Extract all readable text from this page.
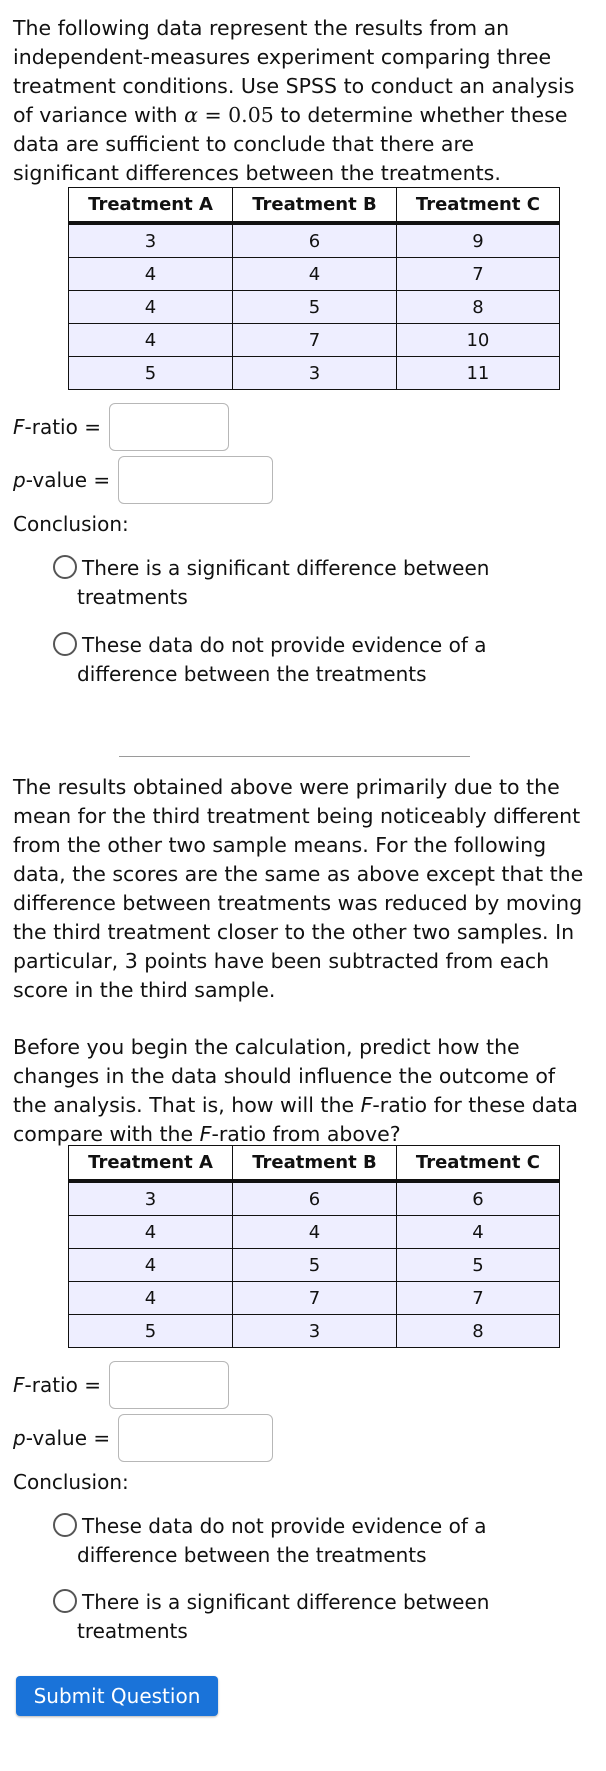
The following data represent the results from an
independent-measures experiment comparing three
treatment conditions. Use SPSS to conduct an analysis
of variance with α = 0.05 to determine whether these
data are sufficient to conclude that there are
significant differences between the treatments.

Treatment A	Treatment B	Treatment C
3	6	9
4	4	7
4	5	8
4	7	10
5	3	11
F-ratio =
p-value =
Conclusion:
There is a significant difference between
treatments
These data do not provide evidence of a
difference between the treatments

The results obtained above were primarily due to the
mean for the third treatment being noticeably different
from the other two sample means. For the following
data, the scores are the same as above except that the
difference between treatments was reduced by moving
the third treatment closer to the other two samples. In
particular, 3 points have been subtracted from each
score in the third sample.

Before you begin the calculation, predict how the
changes in the data should influence the outcome of
the analysis. That is, how will the F-ratio for these data
compare with the F-ratio from above?

Treatment A	Treatment B	Treatment C
3	6	6
4	4	4
4	5	5
4	7	7
5	3	8
F-ratio =
p-value =
Conclusion:
These data do not provide evidence of a
difference between the treatments
There is a significant difference between
treatments
Submit Question
